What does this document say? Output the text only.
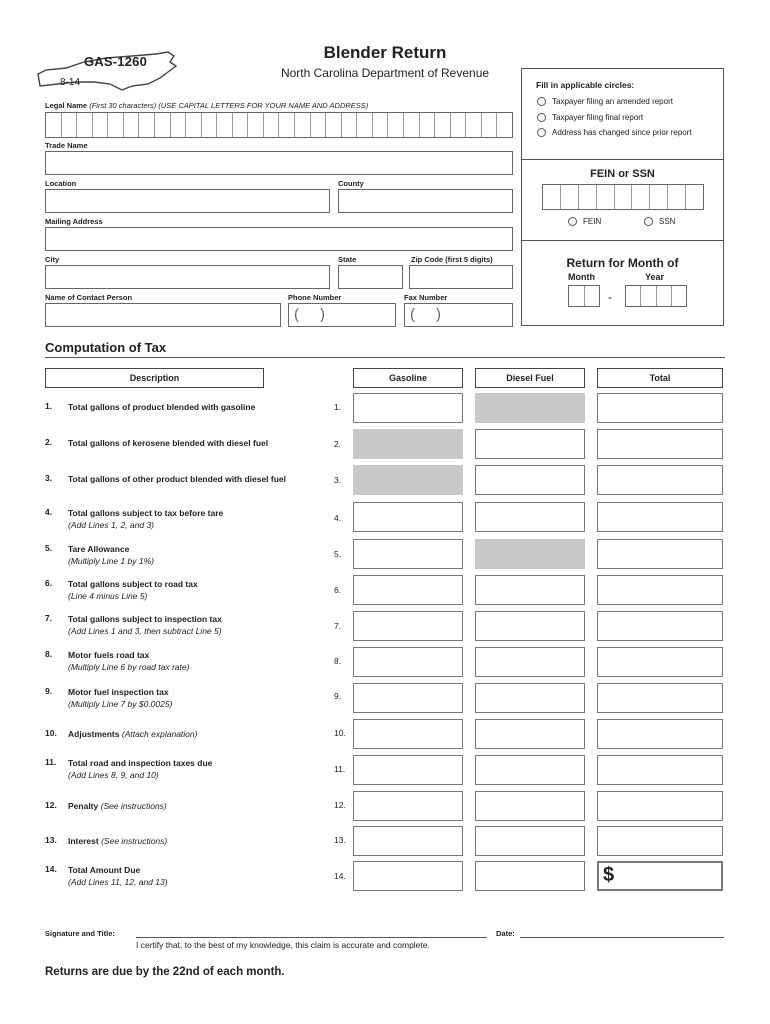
GAS-1260
8-14
Blender Return
North Carolina Department of Revenue
Legal Name (First 30 characters) (USE CAPITAL LETTERS FOR YOUR NAME AND ADDRESS)
Trade Name
Location	County
Mailing Address
City	State	Zip Code (first 5 digits)
Name of Contact Person	Phone Number
( )
Fax Number
( )
Fill in applicable circles:
Taxpayer filing an amended report
Taxpayer filing final report
Address has changed since prior report
FEIN or SSN
FEIN	SSN
Return for Month of
Month	Year
-
Computation of Tax
Description	Gasoline	Diesel Fuel	Total
1. Total gallons of product blended with gasoline	1.
2. Total gallons of kerosene blended with diesel fuel	2.
3. Total gallons of other product blended with diesel fuel	3.
4. Total gallons subject to tax before tare
(Add Lines 1, 2, and 3)
4.
5. Tare Allowance
(Multiply Line 1 by 1%)
5.
6. Total gallons subject to road tax
(Line 4 minus Line 5)
6.
7. Total gallons subject to inspection tax
(Add Lines 1 and 3, then subtract Line 5)	7.
8. Motor fuels road tax
(Multiply Line 6 by road tax rate)
8.
9. Motor fuel inspection tax
(Multiply Line 7 by $0.0025)
9.
10. Adjustments (Attach explanation)	10.
11. Total road and inspection taxes due
(Add Lines 8, 9, and 10)
11.
12. Penalty (See instructions)	12.
13. Interest (See instructions)	13.
14. Total Amount Due
(Add Lines 11, 12, and 13)
14.	$
Signature and Title:	Date:
I certify that, to the best of my knowledge, this claim is accurate and complete.
Returns are due by the 22nd of each month.
